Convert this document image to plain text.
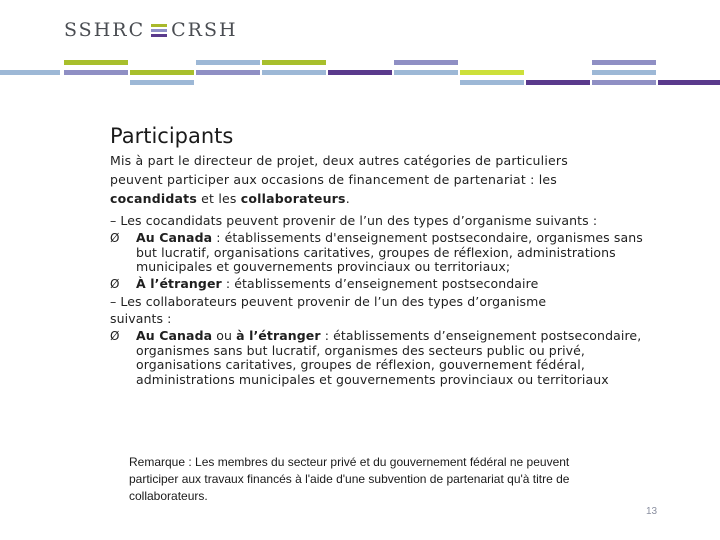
SSHRC CRSH
Participants
Mis à part le directeur de projet, deux autres catégories de particuliers peuvent participer aux occasions de financement de partenariat : les cocandidats et les collaborateurs.
– Les cocandidats peuvent provenir de l’un des types d’organisme suivants :
Ø Au Canada : établissements d'enseignement postsecondaire, organismes sans but lucratif, organisations caritatives, groupes de réflexion, administrations municipales et gouvernements provinciaux ou territoriaux;
Ø À l’étranger : établissements d’enseignement postsecondaire
– Les collaborateurs peuvent provenir de l’un des types d’organisme suivants :
Ø Au Canada ou à l’étranger : établissements d’enseignement postsecondaire, organismes sans but lucratif, organismes des secteurs public ou privé, organisations caritatives, groupes de réflexion, gouvernement fédéral, administrations municipales et gouvernements provinciaux ou territoriaux
Remarque : Les membres du secteur privé et du gouvernement fédéral ne peuvent participer aux travaux financés à l'aide d'une subvention de partenariat qu'à titre de collaborateurs.
13
